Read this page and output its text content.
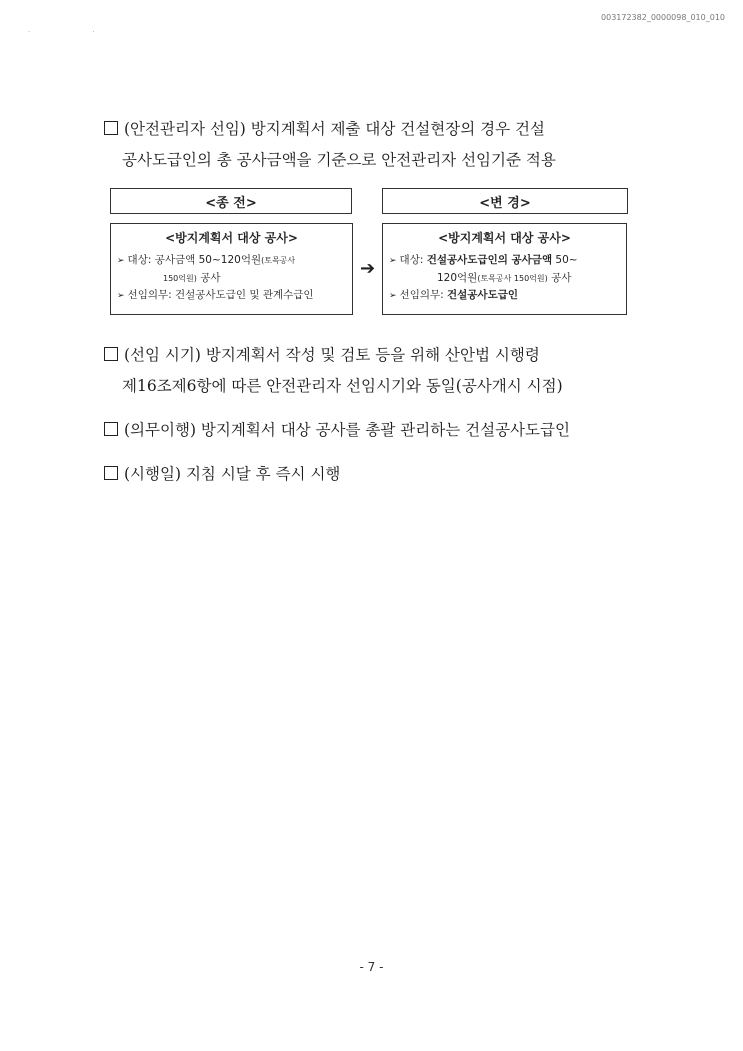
003172382_0000098_010_010
· ·
(안전관리자 선임) 방지계획서 제출 대상 건설현장의 경우 건설
공사도급인의 총 공사금액을 기준으로 안전관리자 선임기준 적용
<종 전>	<변 경>
<방지계획서 대상 공사>
➢ 대상: 공사금액 50~120억원(토목공사
150억원) 공사
➢ 선임의무: 건설공사도급인 및 관계수급인
➔
<방지계획서 대상 공사>
➢ 대상: 건설공사도급인의 공사금액 50~
120억원(토목공사 150억원) 공사
➢ 선임의무: 건설공사도급인
(선임 시기) 방지계획서 작성 및 검토 등을 위해 산안법 시행령
제16조제6항에 따른 안전관리자 선임시기와 동일(공사개시 시점)
(의무이행) 방지계획서 대상 공사를 총괄 관리하는 건설공사도급인
(시행일) 지침 시달 후 즉시 시행
- 7 -
